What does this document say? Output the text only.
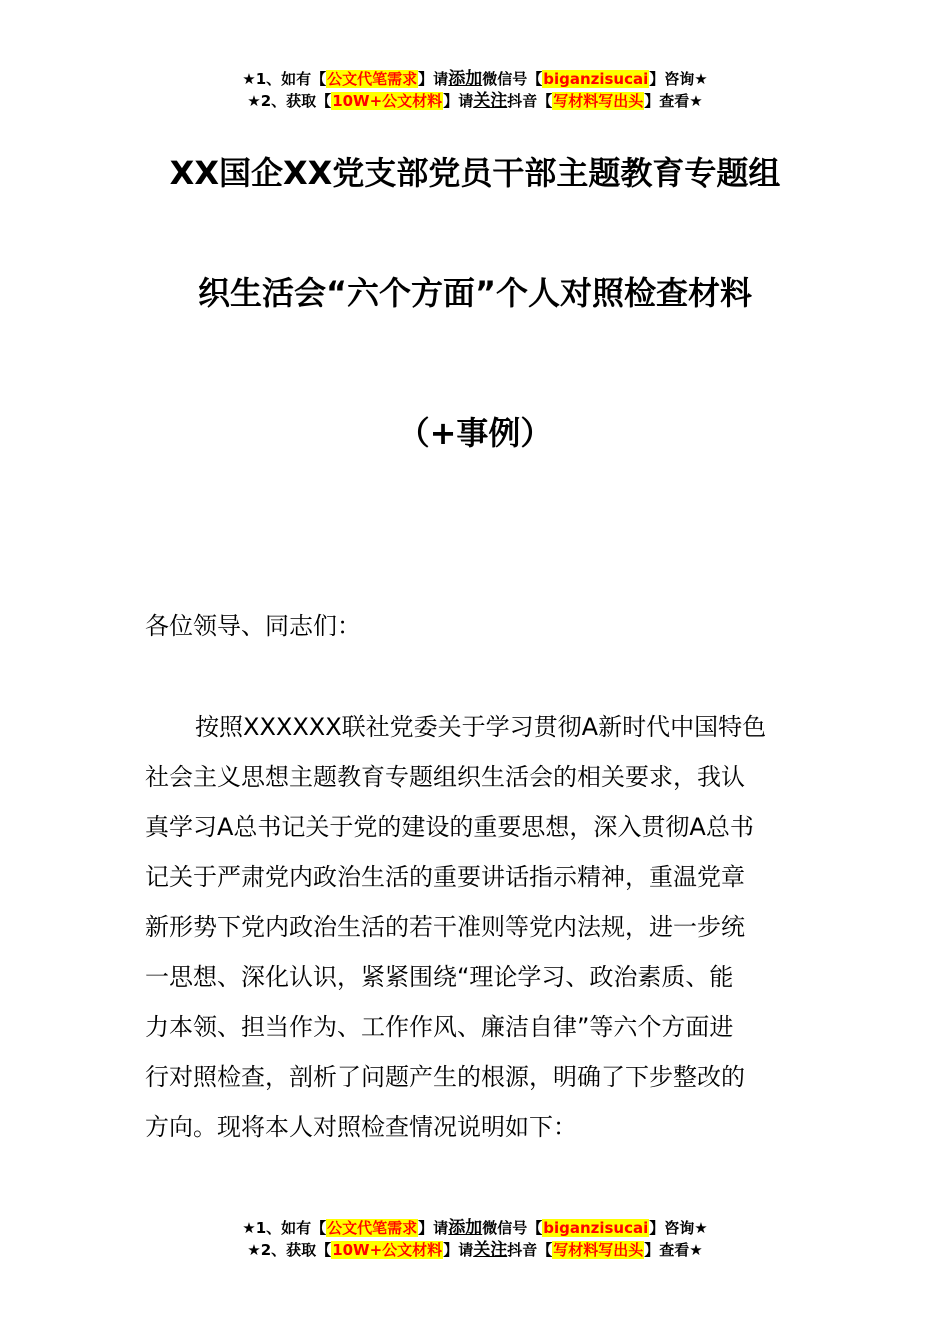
★1、如有【公文代笔需求】请添加微信号【biganzisucai】咨询★
★2、获取【10W+公文材料】请关注抖音【写材料写出头】查看★
XX国企XX党支部党员干部主题教育专题组
织生活会“六个方面”个人对照检查材料
（+事例）
各位领导、同志们：
按照XXXXXX联社党委关于学习贯彻A新时代中国特色
社会主义思想主题教育专题组织生活会的相关要求，我认
真学习A总书记关于党的建设的重要思想，深入贯彻A总书
记关于严肃党内政治生活的重要讲话指示精神，重温党章
新形势下党内政治生活的若干准则等党内法规，进一步统
一思想、深化认识，紧紧围绕“理论学习、政治素质、能
力本领、担当作为、工作作风、廉洁自律”等六个方面进
行对照检查，剖析了问题产生的根源，明确了下步整改的
方向。现将本人对照检查情况说明如下：
★1、如有【公文代笔需求】请添加微信号【biganzisucai】咨询★
★2、获取【10W+公文材料】请关注抖音【写材料写出头】查看★
